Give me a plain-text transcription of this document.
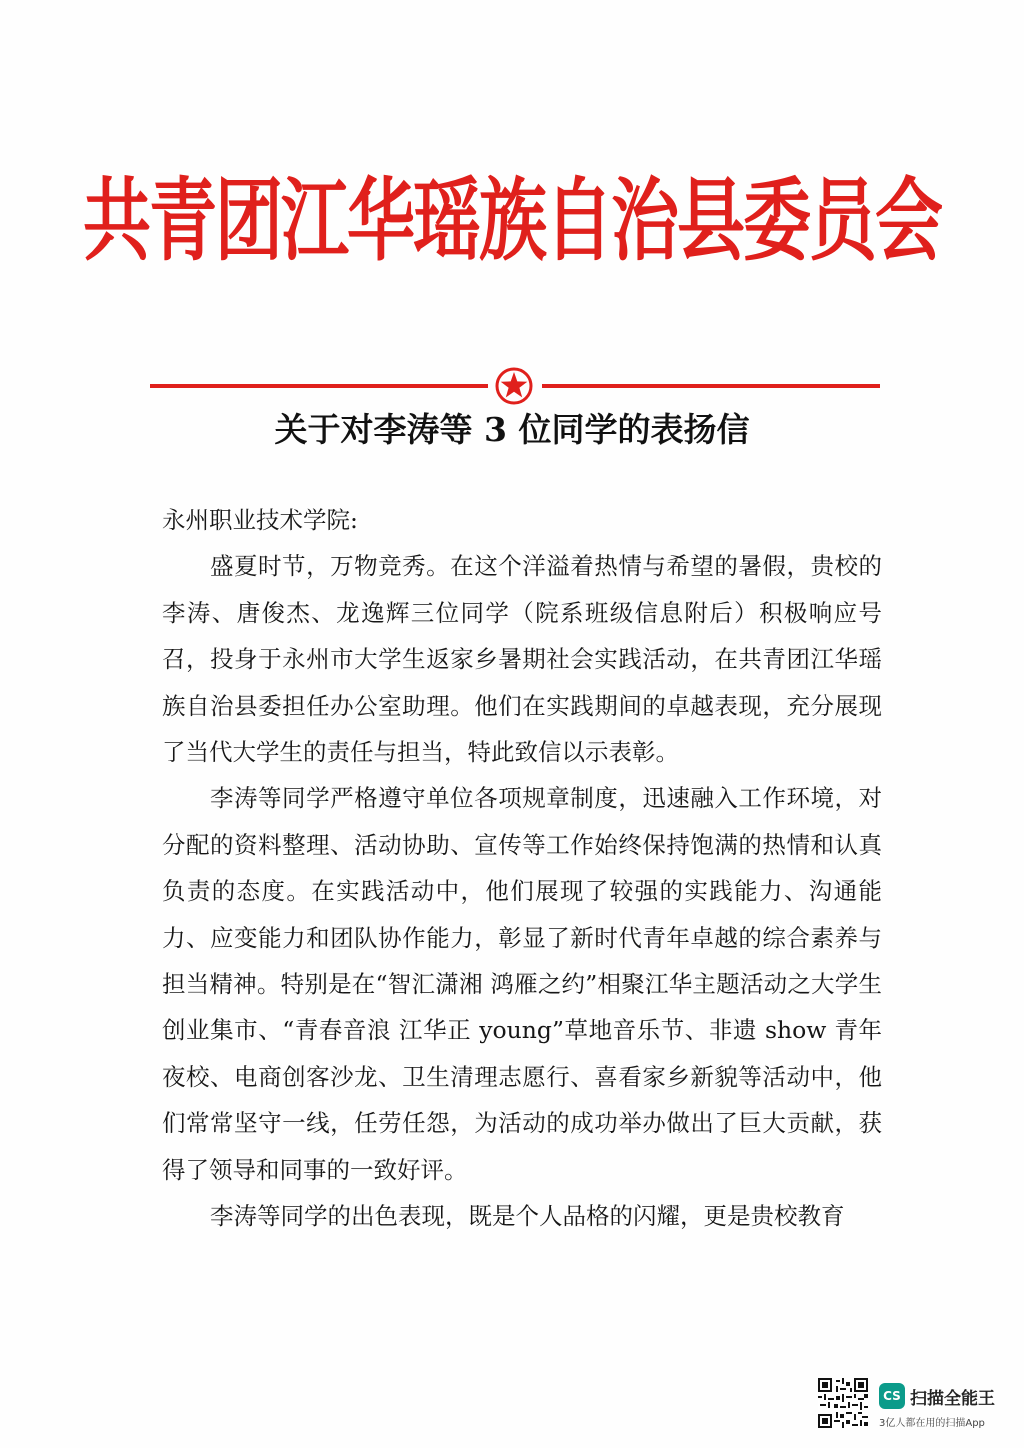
共青团江华瑶族自治县委员会
关于对李涛等 3 位同学的表扬信

永州职业技术学院:

盛夏时节，万物竞秀。在这个洋溢着热情与希望的暑假，贵校的李涛、唐俊杰、龙逸辉三位同学（院系班级信息附后）积极响应号召，投身于永州市大学生返家乡暑期社会实践活动，在共青团江华瑶族自治县委担任办公室助理。他们在实践期间的卓越表现，充分展现了当代大学生的责任与担当，特此致信以示表彰。

李涛等同学严格遵守单位各项规章制度，迅速融入工作环境，对分配的资料整理、活动协助、宣传等工作始终保持饱满的热情和认真负责的态度。在实践活动中，他们展现了较强的实践能力、沟通能力、应变能力和团队协作能力，彰显了新时代青年卓越的综合素养与担当精神。特别是在“智汇潇湘 鸿雁之约”相聚江华主题活动之大学生创业集市、“青春音浪 江华正 young”草地音乐节、非遗 show 青年夜校、电商创客沙龙、卫生清理志愿行、喜看家乡新貌等活动中，他们常常坚守一线，任劳任怨，为活动的成功举办做出了巨大贡献，获得了领导和同事的一致好评。

李涛等同学的出色表现，既是个人品格的闪耀，更是贵校教育

CS 扫描全能王
3亿人都在用的扫描App
